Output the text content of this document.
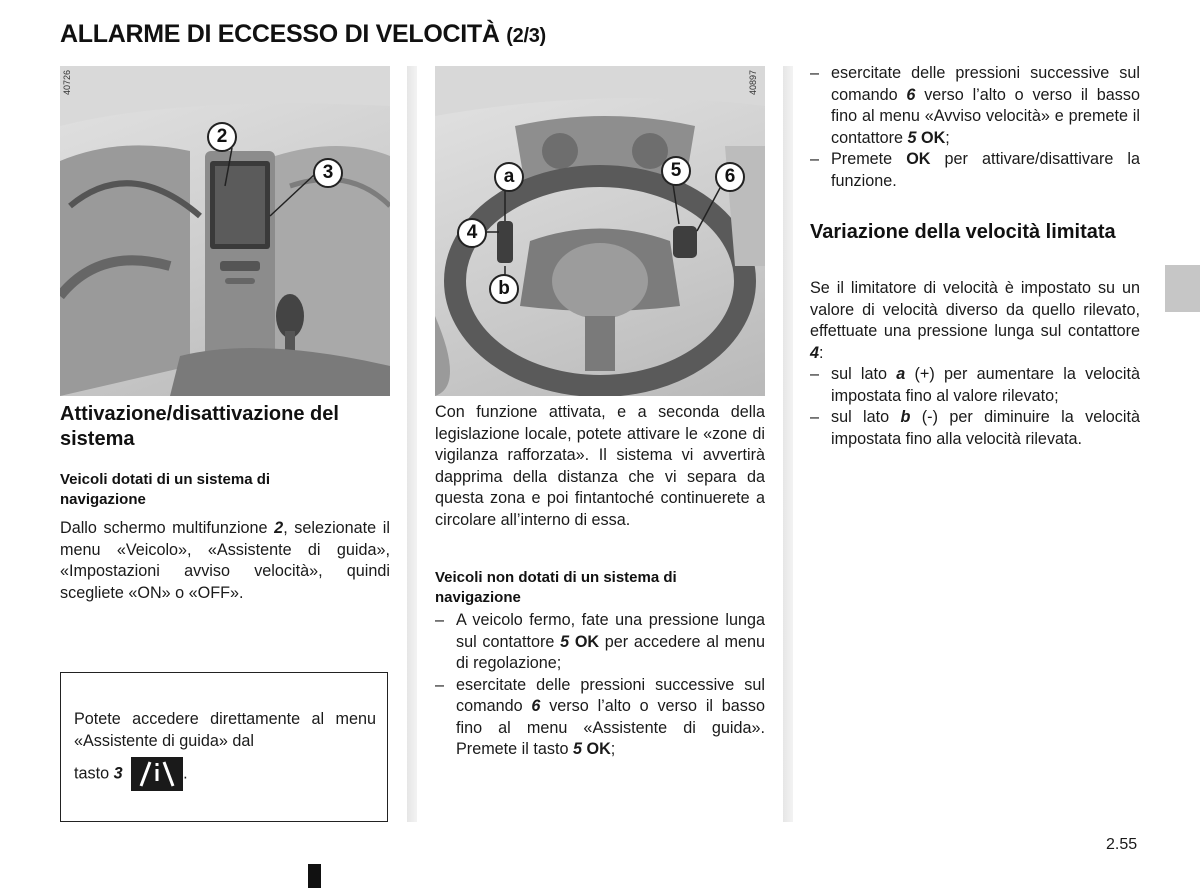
ALLARME DI ECCESSO DI VELOCITÀ (2/3)
40726
2
3
40897
a
4
b
5	6
Attivazione/disattivazione del sistema
Veicoli dotati di un sistema di navigazione
Dallo schermo multifunzione 2, selezionate il menu «Veicolo», «Assistente di guida», «Impostazioni avviso velocità», quindi scegliete «ON» o «OFF».
Potete accedere direttamente al menu «Assistente di guida» dal
tasto 3	.
Con funzione attivata, e a seconda della legislazione locale, potete attivare le «zone di vigilanza rafforzata». Il sistema vi avvertirà dapprima della distanza che vi separa da questa zona e poi fintantoché continuerete a circolare all’interno di essa.
Veicoli non dotati di un sistema di navigazione
– A veicolo fermo, fate una pressione lunga sul contattore 5 OK per accedere al menu di regolazione;
– esercitate delle pressioni successive sul comando 6 verso l’alto o verso il basso fino al menu «Assistente di guida». Premete il tasto 5 OK;
– esercitate delle pressioni successive sul comando 6 verso l’alto o verso il basso fino al menu «Avviso velocità» e premete il contattore 5 OK;
– Premete OK per attivare/disattivare la funzione.
Variazione della velocità limitata
Se il limitatore di velocità è impostato su un valore di velocità diverso da quello rilevato, effettuate una pressione lunga sul contattore 4:
– sul lato a (+) per aumentare la velocità impostata fino al valore rilevato;
– sul lato b (-) per diminuire la velocità impostata fino alla velocità rilevata.
2.55
